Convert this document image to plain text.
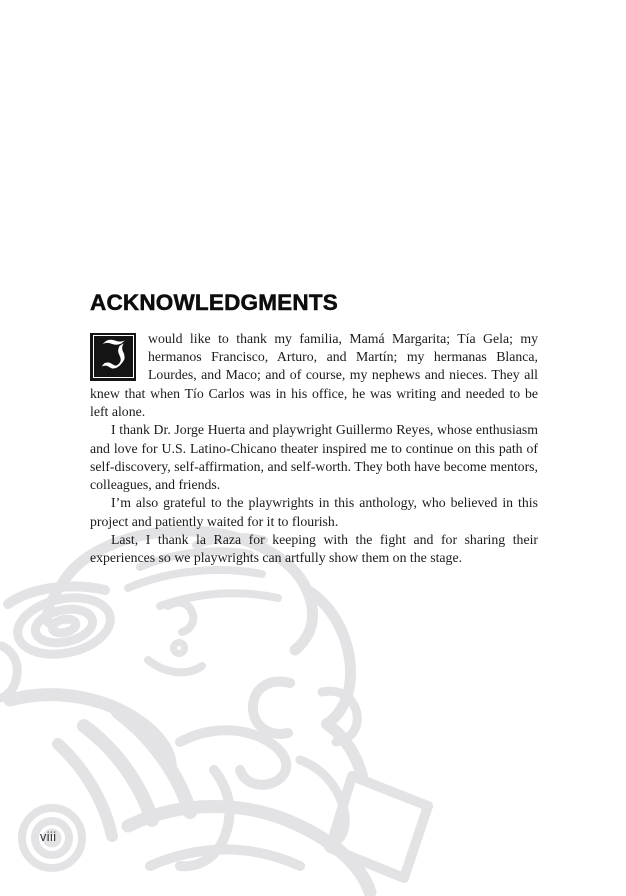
ACKNOWLEDGMENTS

ℑ	would like to thank my familia, Mamá Margarita; Tía Gela; my hermanos Francisco, Arturo, and Martín; my hermanas Blanca, Lourdes, and Maco; and of course, my nephews and nieces. They all knew that when Tío Carlos was in his office, he was writing and needed to be left alone.

I thank Dr. Jorge Huerta and playwright Guillermo Reyes, whose enthusiasm and love for U.S. Latino-Chicano theater inspired me to continue on this path of self-discovery, self-affirmation, and self-worth. They both have become mentors, colleagues, and friends.

I’m also grateful to the playwrights in this anthology, who believed in this project and patiently waited for it to flourish.

Last, I thank la Raza for keeping with the fight and for sharing their experiences so we playwrights can artfully show them on the stage.

viii
